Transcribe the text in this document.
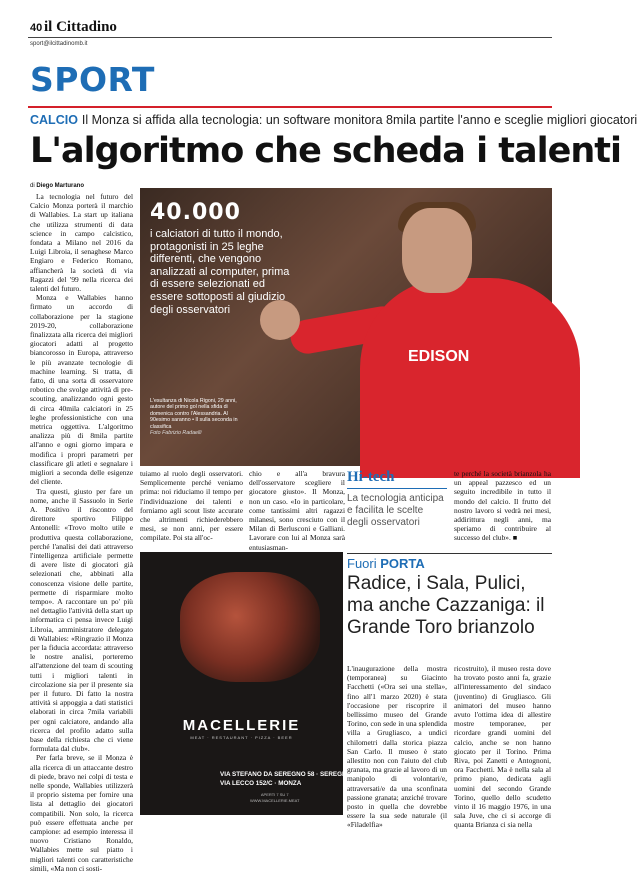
40 il Cittadino
sport@ilcittadinomb.it
SPORT
CALCIO Il Monza si affida alla tecnologia: un software monitora 8mila partite l'anno e sceglie migliori giocatori
L'algoritmo che scheda i talenti
di Diego Marturano

La tecnologia nel futuro del Calcio Monza porterà il marchio di Wallabies. La start up italiana che utilizza strumenti di data science in campo calcistico, fondata a Milano nel 2016 da Luigi Libroia, il senaghese Marco Engiaro e Federico Romano, affiancherà la società di via Ragazzi del '99 nella ricerca dei talenti del futuro.

Monza e Wallabies hanno firmato un accordo di collaborazione per la stagione 2019-20, collaborazione finalizzata alla ricerca dei migliori giocatori adatti al progetto biancorosso in Europa, attraverso le più avanzate tecnologie di machine learning. Si tratta, di fatto, di una sorta di osservatore robotico che svolge attività di pre-scouting, analizzando ogni gesto di circa 40mila calciatori in 25 leghe professionistiche con una metrica oggettiva. L'algoritmo analizza più di 8mila partite all'anno e ogni giorno impara e modifica i propri parametri per classificare gli atleti e segnalare i migliori a seconda delle esigenze del cliente.

Tra questi, giusto per fare un nome, anche il Sassuolo in Serie A. Positivo il riscontro del direttore sportivo Filippo Antonelli: «Trovo molto utile e produttiva questa collaborazione, perché l'analisi dei dati attraverso l'intelligenza artificiale permette di avere liste di giocatori già selezionati che, abbinati alla conoscenza visione delle partite, permette di risparmiare molto tempo». A raccontare un po' più nel dettaglio l'attività della start up informatica ci pensa invece Luigi Libroia, amministratore delegato di Wallabies: «Ringrazio il Monza per la fiducia accordata: attraverso le nostre analisi, porteremo all'attenzione del team di scouting tutti i migliori talenti in circolazione sia per il presente sia per il futuro. Di fatto la nostra attività si appoggia a dati statistici elaborati in circa 7mila variabili per ogni calciatore, andando alla ricerca del profilo adatto sulla base della richiesta che ci viene formulata dal club».

Per farla breve, se il Monza è alla ricerca di un attaccante destro di piede, bravo nei colpi di testa e nelle sponde, Wallabies utilizzerà il proprio sistema per fornire una lista al dettaglio dei giocatori compatibili. Non solo, la ricerca può essere effettuata anche per campione: ad esempio interessa il nuovo Cristiano Ronaldo, Wallabies mette sul piatto i migliori talenti con caratteristiche simili, «Ma non ci sosti-

EDISON
40.000
i calciatori di tutto il mondo, protagonisti in 25 leghe differenti, che vengono analizzati al computer, prima di essere selezionati ed essere sottoposti al giudizio degli osservatori
L'esultanza di Nicola Rigoni, 29 anni, autore del primo gol nella sfida di domenica contro l'Alessandria. Al 90esimo saranno • Il sulla seconda in classifica
Foto Fabrizio Radaelli
tuiamo al ruolo degli osservatori. Semplicemente perché veniamo prima: noi riduciamo il tempo per l'individuazione dei talenti e forniamo agli scout liste accurate che altrimenti richiederebbero mesi, se non anni, per essere compilate. Poi sta all'oc-
chio e all'a bravura dell'osservatore scegliere il giocatore giusto». Il Monza, non un caso. «Io in particolare, come tantissimi altri ragazzi milanesi, sono cresciuto con il Milan di Berlusconi e Galliani. Lavorare con lui al Monza sarà entusiasman-
Hi-tech
La tecnologia anticipa e facilita le scelte degli osservatori
te perché la società brianzola ha un appeal pazzesco ed un seguito incredibile in tutto il mondo del calcio. Il frutto del nostro lavoro si vedrà nei mesi, addirittura negli anni, ma speriamo di contribuire al successo del club». ■
MACELLERIE
MEAT · RESTAURANT · PIZZA · BEER
VIA STEFANO DA SEREGNO 58 · SEREGNO
VIA LECCO 152/C · MONZA
APERTI 7 SU 7
WWW.MACELLERIE.MEAT
Fuori PORTA
Radice, i Sala, Pulici, ma anche Cazzaniga: il Grande Toro brianzolo
L'inaugurazione della mostra (temporanea) su Giacinto Facchetti («Ora sei una stella», fino all'1 marzo 2020) è stata l'occasione per riscoprire il bellissimo museo del Grande Torino, con sede in una splendida villa a Grugliasco, a undici chilometri dalla storica piazza San Carlo. Il museo è stato allestito non con l'aiuto del club granata, ma grazie al lavoro di un manipolo di volontari/e, attraversati/e da una sconfinata passione granata; anziché trovare posto in quella che dovrebbe essere la sua sede naturale (il «Filadelfia»
ricostruito), il museo resta dove ha trovato posto anni fa, grazie all'interessamento del sindaco (juventino) di Grugliasco. Gli animatori del museo hanno avuto l'ottima idea di allestire mostre temporanee, per ricordare grandi uomini del calcio, anche se non hanno giocato per il Torino. Prima Riva, poi Zanetti e Antognoni, ora Facchetti. Ma è nella sala al primo piano, dedicata agli uomini del secondo Grande Torino, quello dello scudetto vinto il 16 maggio 1976, in una sala Juve, che ci si accorge di quanta Brianza ci sia nella
